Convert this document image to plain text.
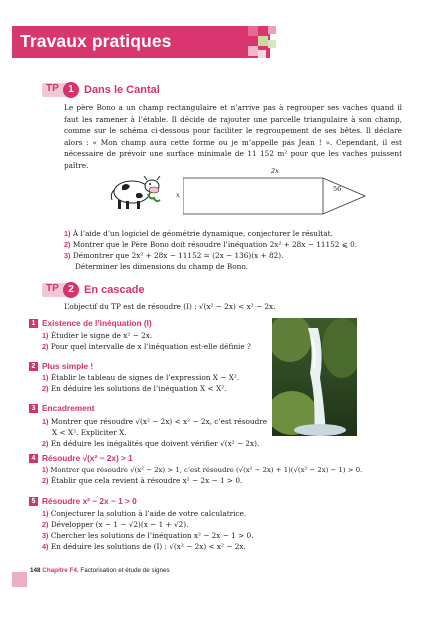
Travaux pratiques
TP 1 Dans le Cantal

Le père Bono a un champ rectangulaire et n’arrive pas à regrouper ses vaches quand il faut les ramener à l’étable. Il décide de rajouter une parcelle triangulaire à son champ, comme sur le schéma ci-dessous pour faciliter le regroupement de ses bêtes. Il déclare alors : « Mon champ aura cette forme ou je m’appelle pas Jean ! ». Cependant, il est nécessaire de prévoir une surface minimale de 11 152 m² pour que les vaches puissent paître.

2x
x
56
1) À l’aide d’un logiciel de géométrie dynamique, conjecturer le résultat.
2) Montrer que le Père Bono doit résoudre l’inéquation 2x² + 28x − 11152 ⩽ 0.
3) Démontrer que 2x² + 28x − 11152 = (2x − 136)(x + 82).
Déterminer les dimensions du champ de Bono.
TP 2 En cascade
L’objectif du TP est de résoudre (I) : √(x² − 2x) < x² − 2x.
1 Existence de l’inéquation (I)
1) Étudier le signe de x² − 2x.
2) Pour quel intervalle de x l’inéquation est-elle définie ?
2 Plus simple !
1) Établir le tableau de signes de l’expression X − X².
2) En déduire les solutions de l’inéquation X < X².
3 Encadrement
1) Montrer que résoudre √(x² − 2x) < x² − 2x, c’est résoudre
X < X². Expliciter X.
2) En déduire les inégalités que doivent vérifier √(x² − 2x).
4 Résoudre √(x² − 2x) > 1
1) Montrer que résoudre √(x² − 2x) > 1, c’est résoudre (√(x² − 2x) + 1)(√(x² − 2x) − 1) > 0.
2) Établir que cela revient à résoudre x² − 2x − 1 > 0.
5 Résoudre x² − 2x − 1 > 0
1) Conjecturer la solution à l’aide de votre calculatrice.
2) Développer (x − 1 − √2)(x − 1 + √2).
3) Chercher les solutions de l’inéquation x² − 2x − 1 > 0.
4) En déduire les solutions de (I) : √(x² − 2x) < x² − 2x.
148 Chapitre F4. Factorisation et étude de signes
